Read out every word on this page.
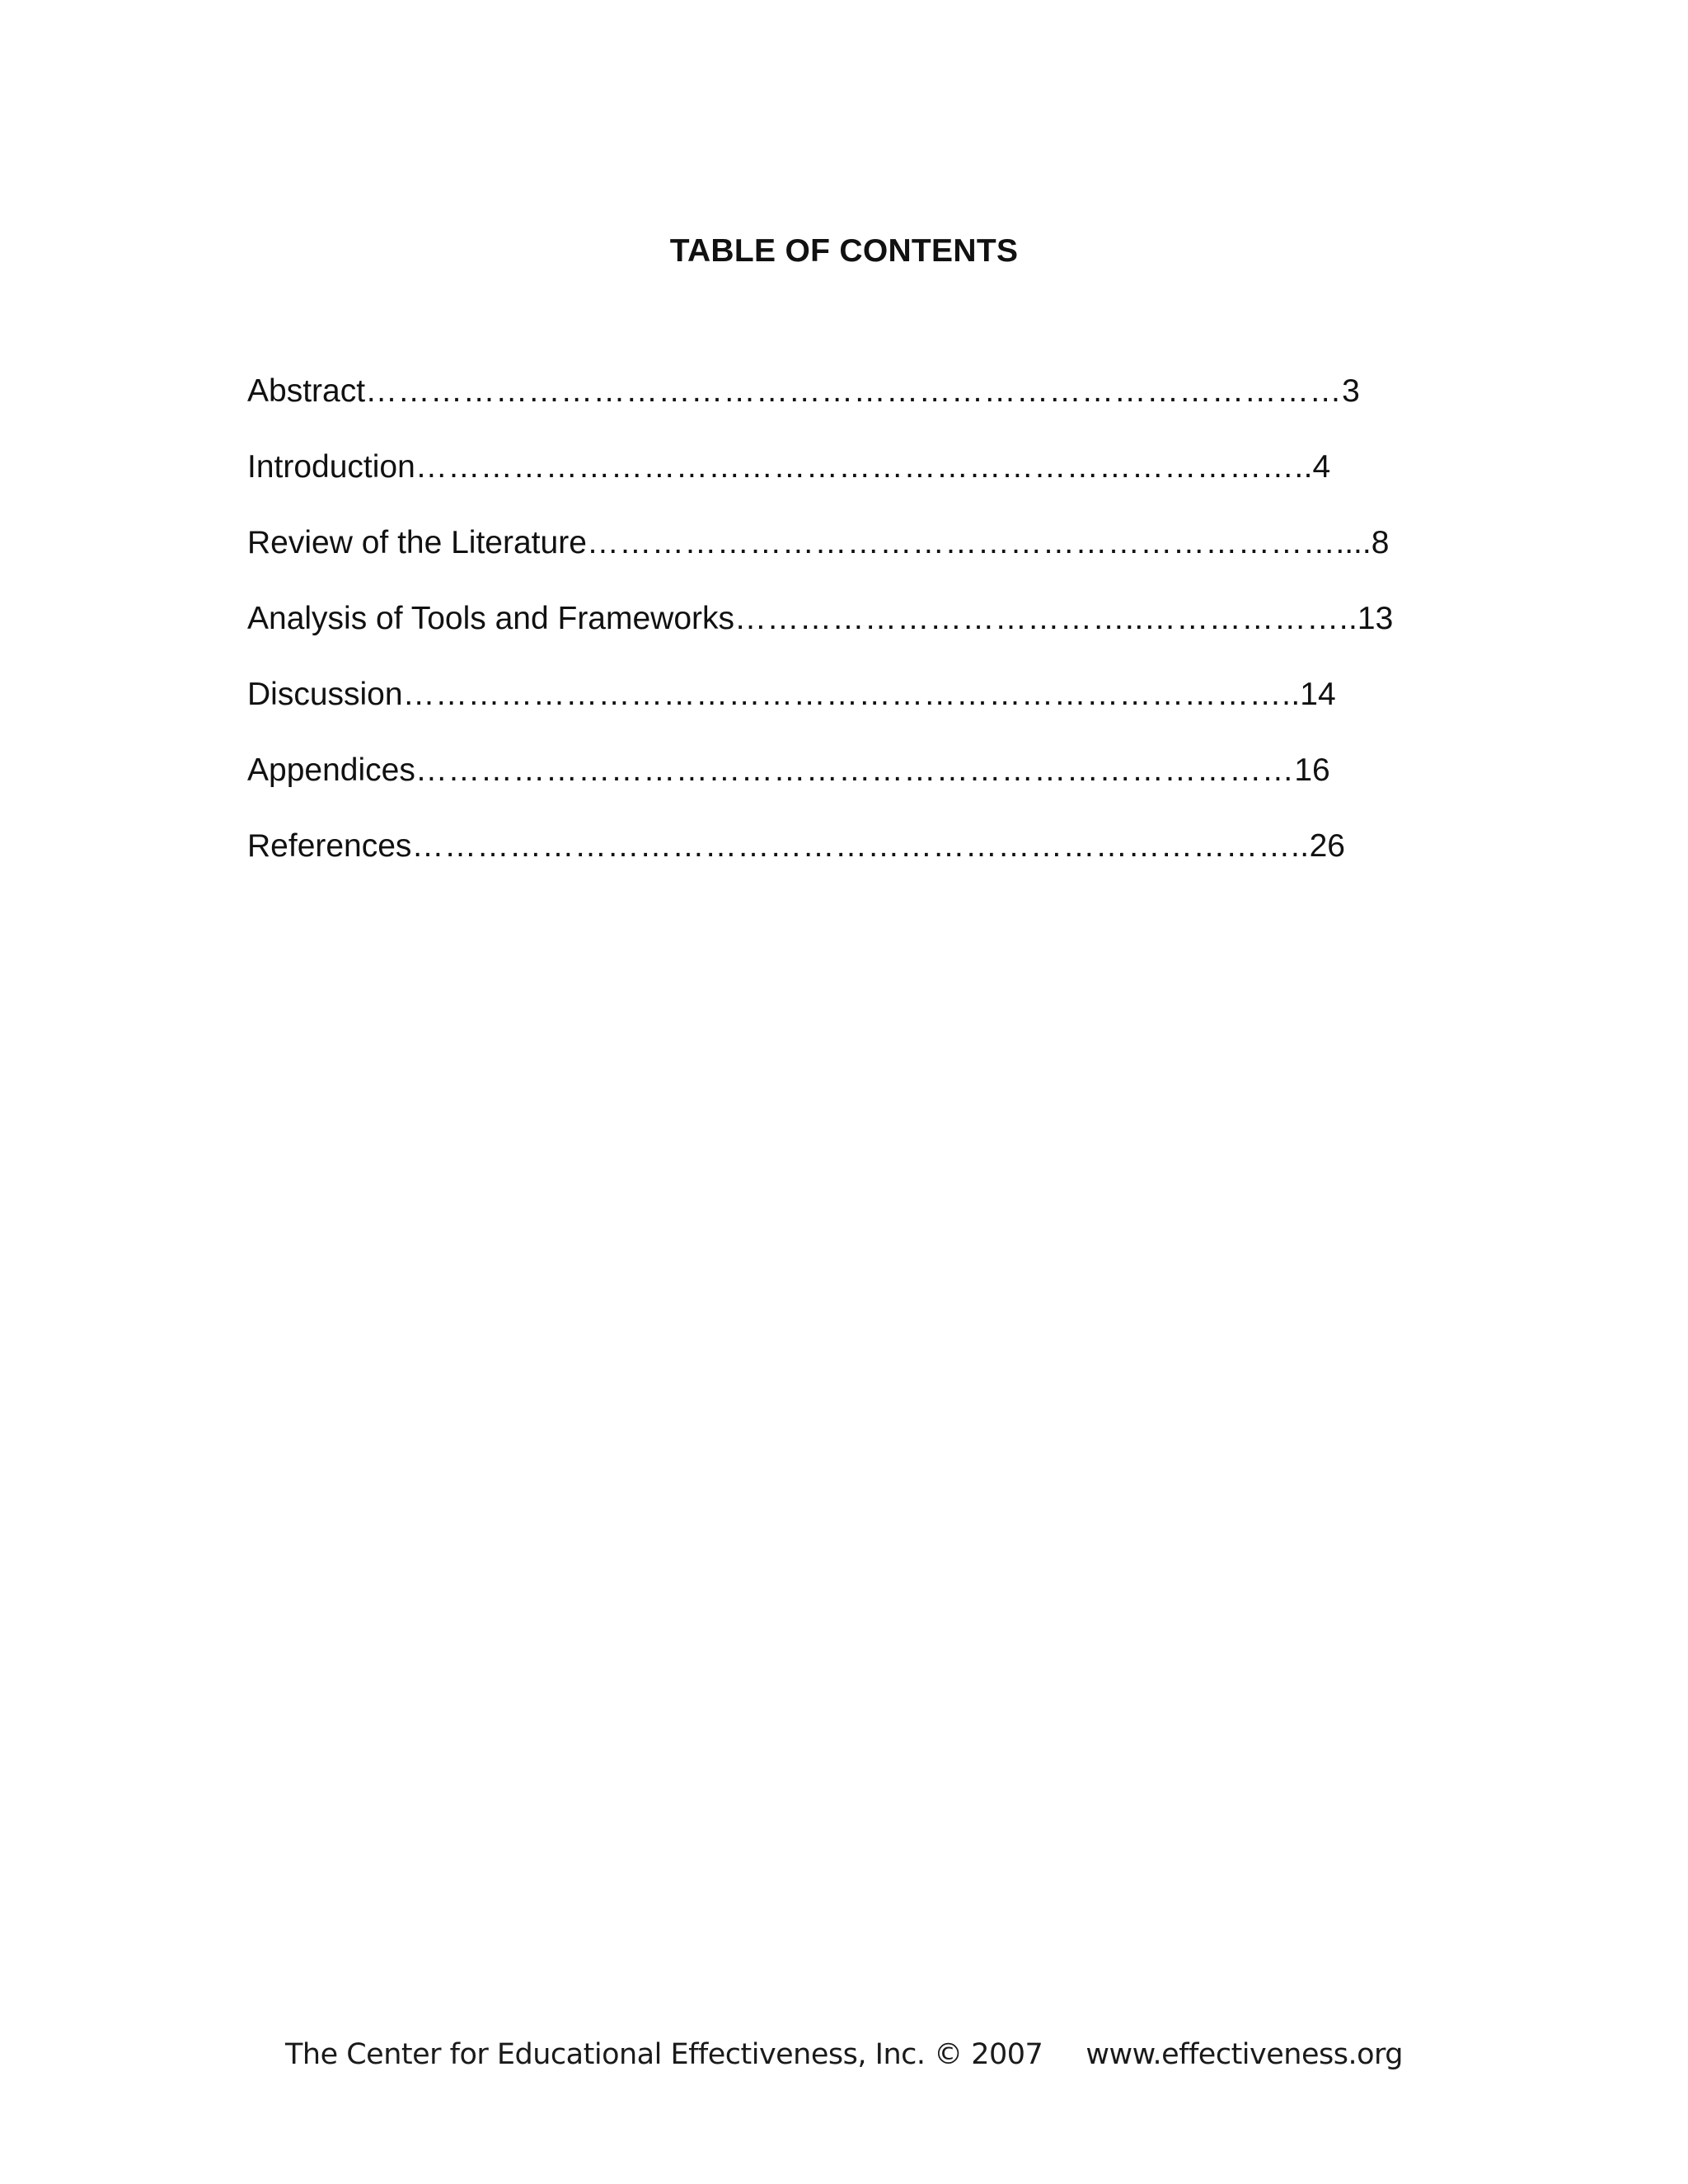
TABLE OF CONTENTS
Abstract………………………………………………………………………………3
Introduction………………………………………………………………………..4
Review of the Literature……………………………………………………………....8
Analysis of Tools and Frameworks………………………………..………………..13
Discussion………………………………………………………………………..14
Appendices………………………………………………………………………16
References………………………………………………………………………..26
The Center for Educational Effectiveness, Inc. © 2007 www.effectiveness.org
